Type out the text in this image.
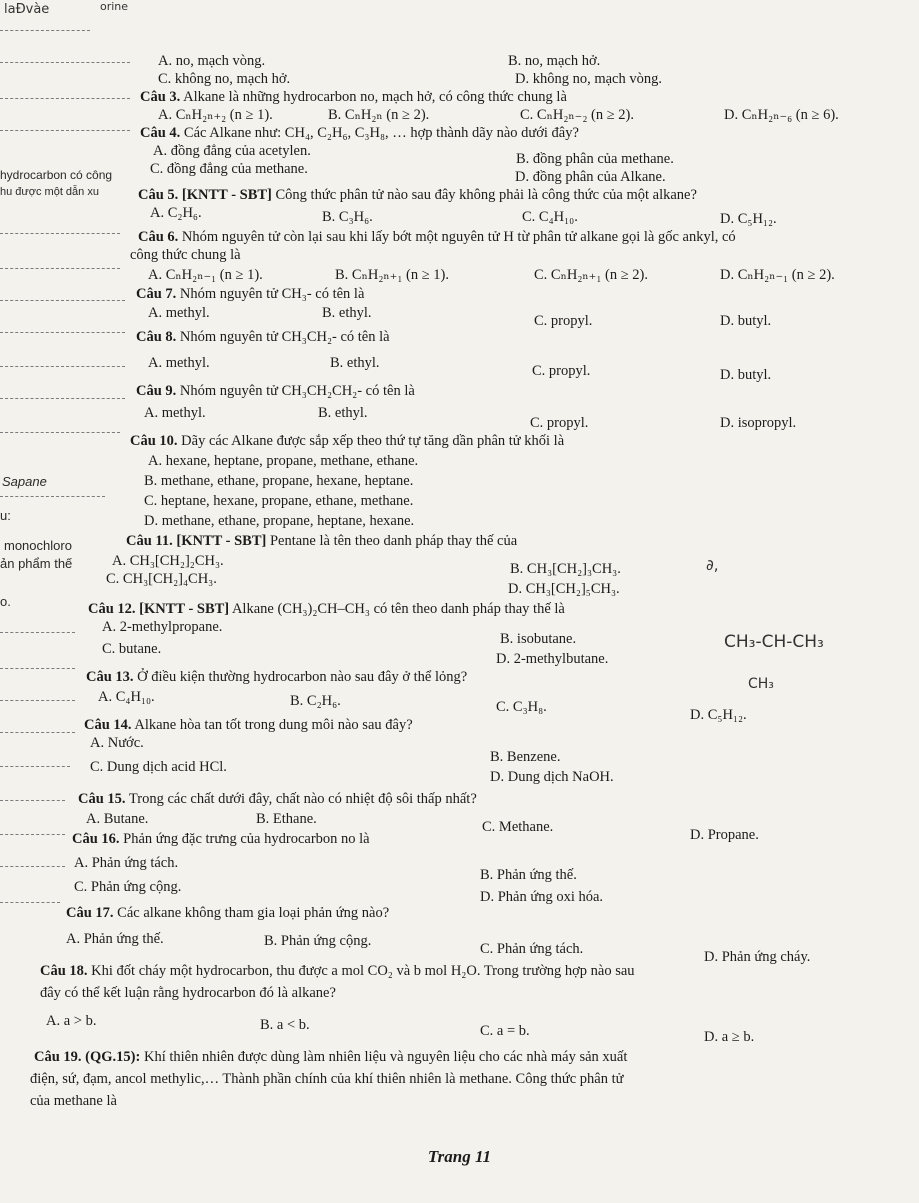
laĐvàe	orine
hydrocarbon có công
hu được một dẫn xu
Sapane
u:
monochloro
ản phẩm thế
o.
A. no, mạch vòng.	B. no, mạch hở.
C. không no, mạch hở.	D. không no, mạch vòng.
Câu 3. Alkane là những hydrocarbon no, mạch hở, có công thức chung là
A. CₙH₂ₙ₊₂ (n ≥ 1).	B. CₙH₂ₙ (n ≥ 2).	C. CₙH₂ₙ₋₂ (n ≥ 2).	D. CₙH₂ₙ₋₆ (n ≥ 6).
Câu 4. Các Alkane như: CH₄, C₂H₆, C₃H₈, … hợp thành dãy nào dưới đây?
A. đồng đẳng của acetylen.	B. đồng phân của methane.
C. đồng đẳng của methane.	D. đồng phân của Alkane.
Câu 5. [KNTT - SBT] Công thức phân tử nào sau đây không phải là công thức của một alkane?
A. C₂H₆.	B. C₃H₆.	C. C₄H₁₀.	D. C₅H₁₂.
Câu 6. Nhóm nguyên tử còn lại sau khi lấy bớt một nguyên tử H từ phân tử alkane gọi là gốc ankyl, có
công thức chung là
A. CₙH₂ₙ₋₁ (n ≥ 1).	B. CₙH₂ₙ₊₁ (n ≥ 1).	C. CₙH₂ₙ₊₁ (n ≥ 2).	D. CₙH₂ₙ₋₁ (n ≥ 2).
Câu 7. Nhóm nguyên tử CH₃- có tên là
A. methyl.	B. ethyl.	C. propyl.	D. butyl.
Câu 8. Nhóm nguyên tử CH₃CH₂- có tên là
A. methyl.	B. ethyl.	C. propyl.	D. butyl.
Câu 9. Nhóm nguyên tử CH₃CH₂CH₂- có tên là
A. methyl.	B. ethyl.
C. propyl.	D. isopropyl.
Câu 10. Dãy các Alkane được sắp xếp theo thứ tự tăng dần phân tử khối là
A. hexane, heptane, propane, methane, ethane.
B. methane, ethane, propane, hexane, heptane.
C. heptane, hexane, propane, ethane, methane.
D. methane, ethane, propane, heptane, hexane.
Câu 11. [KNTT - SBT] Pentane là tên theo danh pháp thay thế của
A. CH₃[CH₂]₂CH₃.	B. CH₃[CH₂]₃CH₃.
C. CH₃[CH₂]₄CH₃.
D. CH₃[CH₂]₅CH₃.
Câu 12. [KNTT - SBT] Alkane (CH₃)₂CH–CH₃ có tên theo danh pháp thay thế là
A. 2-methylpropane.
B. isobutane.
C. butane.
D. 2-methylbutane.
Câu 13. Ở điều kiện thường hydrocarbon nào sau đây ở thể lỏng?
A. C₄H₁₀.	B. C₂H₆.	C. C₃H₈.	D. C₅H₁₂.
Câu 14. Alkane hòa tan tốt trong dung môi nào sau đây?
A. Nước.
B. Benzene.
C. Dung dịch acid HCl.
D. Dung dịch NaOH.
Câu 15. Trong các chất dưới đây, chất nào có nhiệt độ sôi thấp nhất?
A. Butane.	B. Ethane.	C. Methane.	D. Propane.
Câu 16. Phản ứng đặc trưng của hydrocarbon no là
A. Phản ứng tách.
B. Phản ứng thế.
C. Phản ứng cộng.
D. Phản ứng oxi hóa.
Câu 17. Các alkane không tham gia loại phản ứng nào?
A. Phản ứng thế.	B. Phản ứng cộng.	C. Phản ứng tách.	D. Phản ứng cháy.
Câu 18. Khi đốt cháy một hydrocarbon, thu được a mol CO₂ và b mol H₂O. Trong trường hợp nào sau
đây có thể kết luận rằng hydrocarbon đó là alkane?
A. a > b.	B. a < b.	C. a = b.	D. a ≥ b.
Câu 19. (QG.15): Khí thiên nhiên được dùng làm nhiên liệu và nguyên liệu cho các nhà máy sản xuất
điện, sứ, đạm, ancol methylic,… Thành phần chính của khí thiên nhiên là methane. Công thức phân tử
của methane là
CH₃-CH-CH₃
CH₃
∂,
Trang 11
